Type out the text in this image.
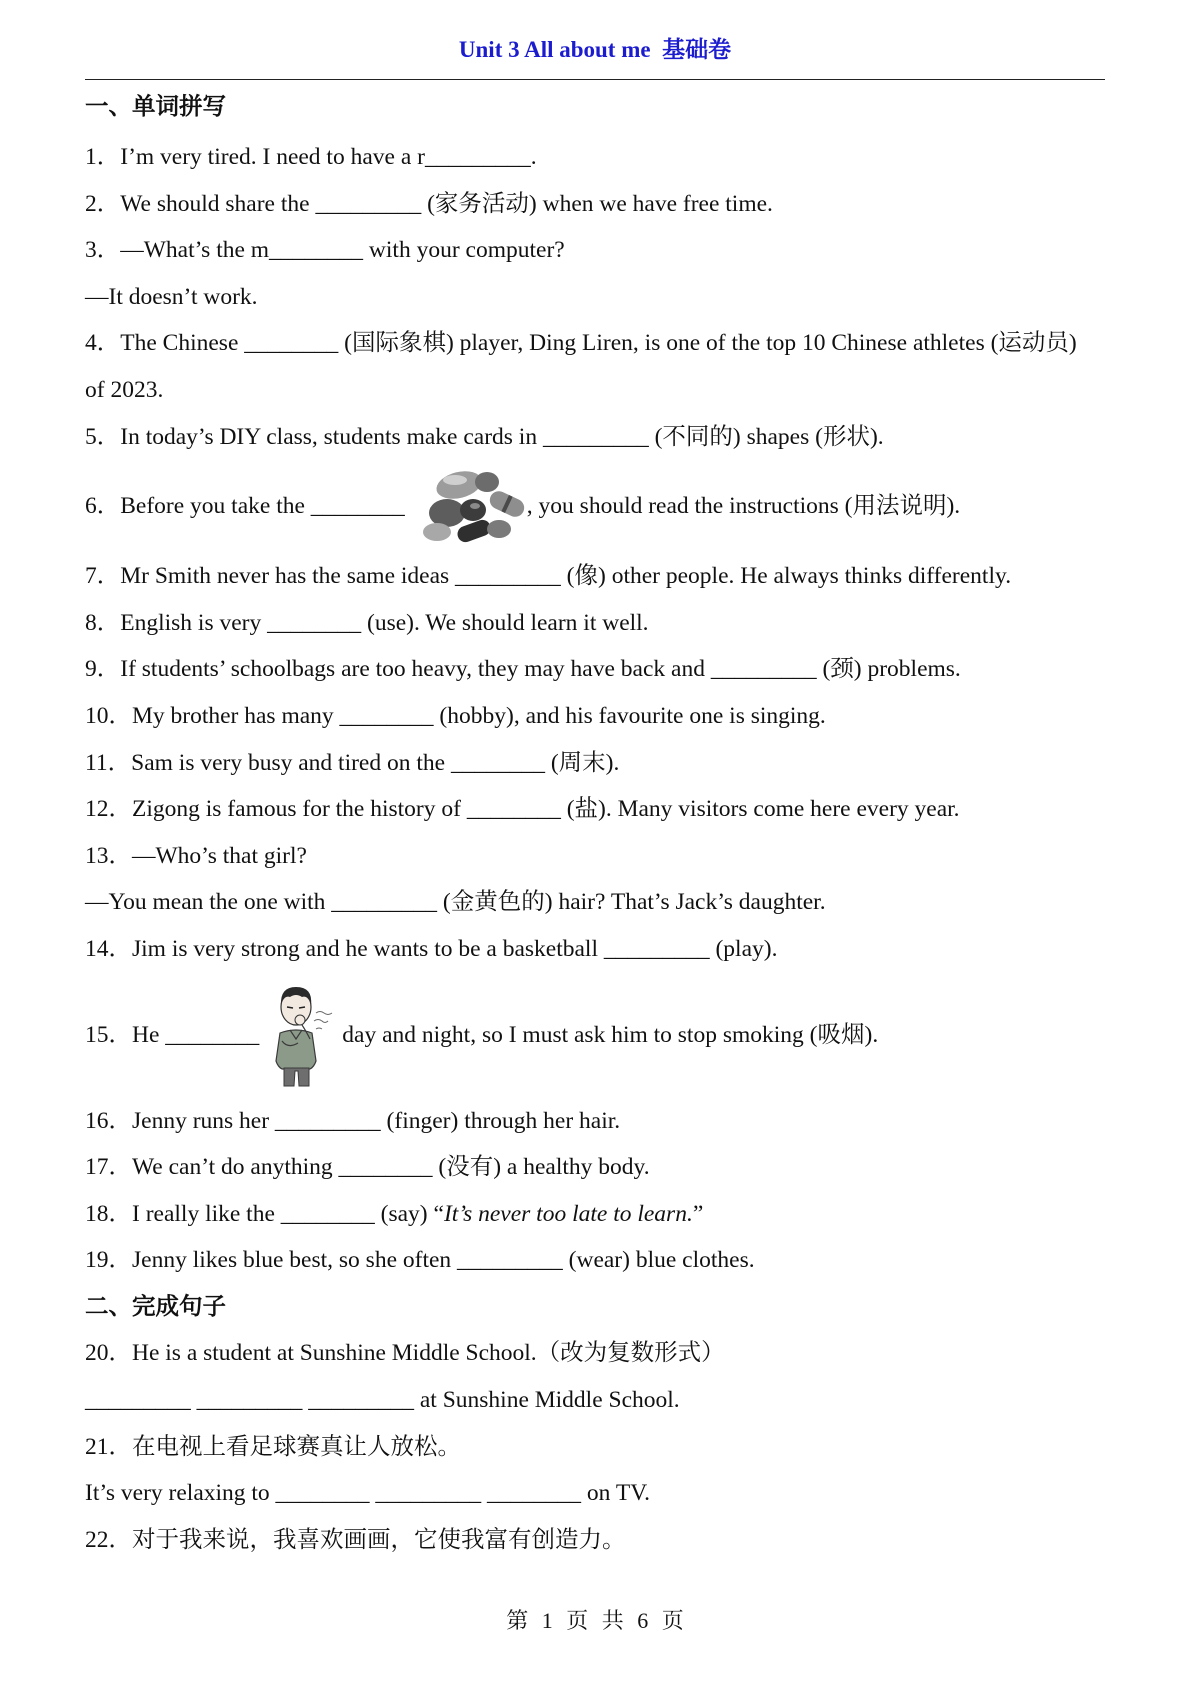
Unit 3 All about me  基础卷
一、单词拼写
1．I’m very tired. I need to have a r_________.
2．We should share the _________ (家务活动) when we have free time.
3．—What’s the m________ with your computer?
—It doesn’t work.
4．The Chinese ________ (国际象棋) player, Ding Liren, is one of the top 10 Chinese athletes (运动员)
of 2023.
5．In today’s DIY class, students make cards in _________ (不同的) shapes (形状).
6．Before you take the ________	, you should read the instructions (用法说明).
7．Mr Smith never has the same ideas _________ (像) other people. He always thinks differently.
8．English is very ________ (use). We should learn it well.
9．If students’ schoolbags are too heavy, they may have back and _________ (颈) problems.
10．My brother has many ________ (hobby), and his favourite one is singing.
11．Sam is very busy and tired on the ________ (周末).
12．Zigong is famous for the history of ________ (盐). Many visitors come here every year.
13．—Who’s that girl?
—You mean the one with _________ (金黄色的) hair? That’s Jack’s daughter.
14．Jim is very strong and he wants to be a basketball _________ (play).
15．He ________	day and night, so I must ask him to stop smoking (吸烟).
16．Jenny runs her _________ (finger) through her hair.
17．We can’t do anything ________ (没有) a healthy body.
18．I really like the ________ (say) “It’s never too late to learn.”
19．Jenny likes blue best, so she often _________ (wear) blue clothes.
二、完成句子
20．He is a student at Sunshine Middle School.（改为复数形式）
_________ _________ _________ at Sunshine Middle School.
21．在电视上看足球赛真让人放松。
It’s very relaxing to ________ _________ ________ on TV.
22．对于我来说，我喜欢画画，它使我富有创造力。
第 1 页 共 6 页
